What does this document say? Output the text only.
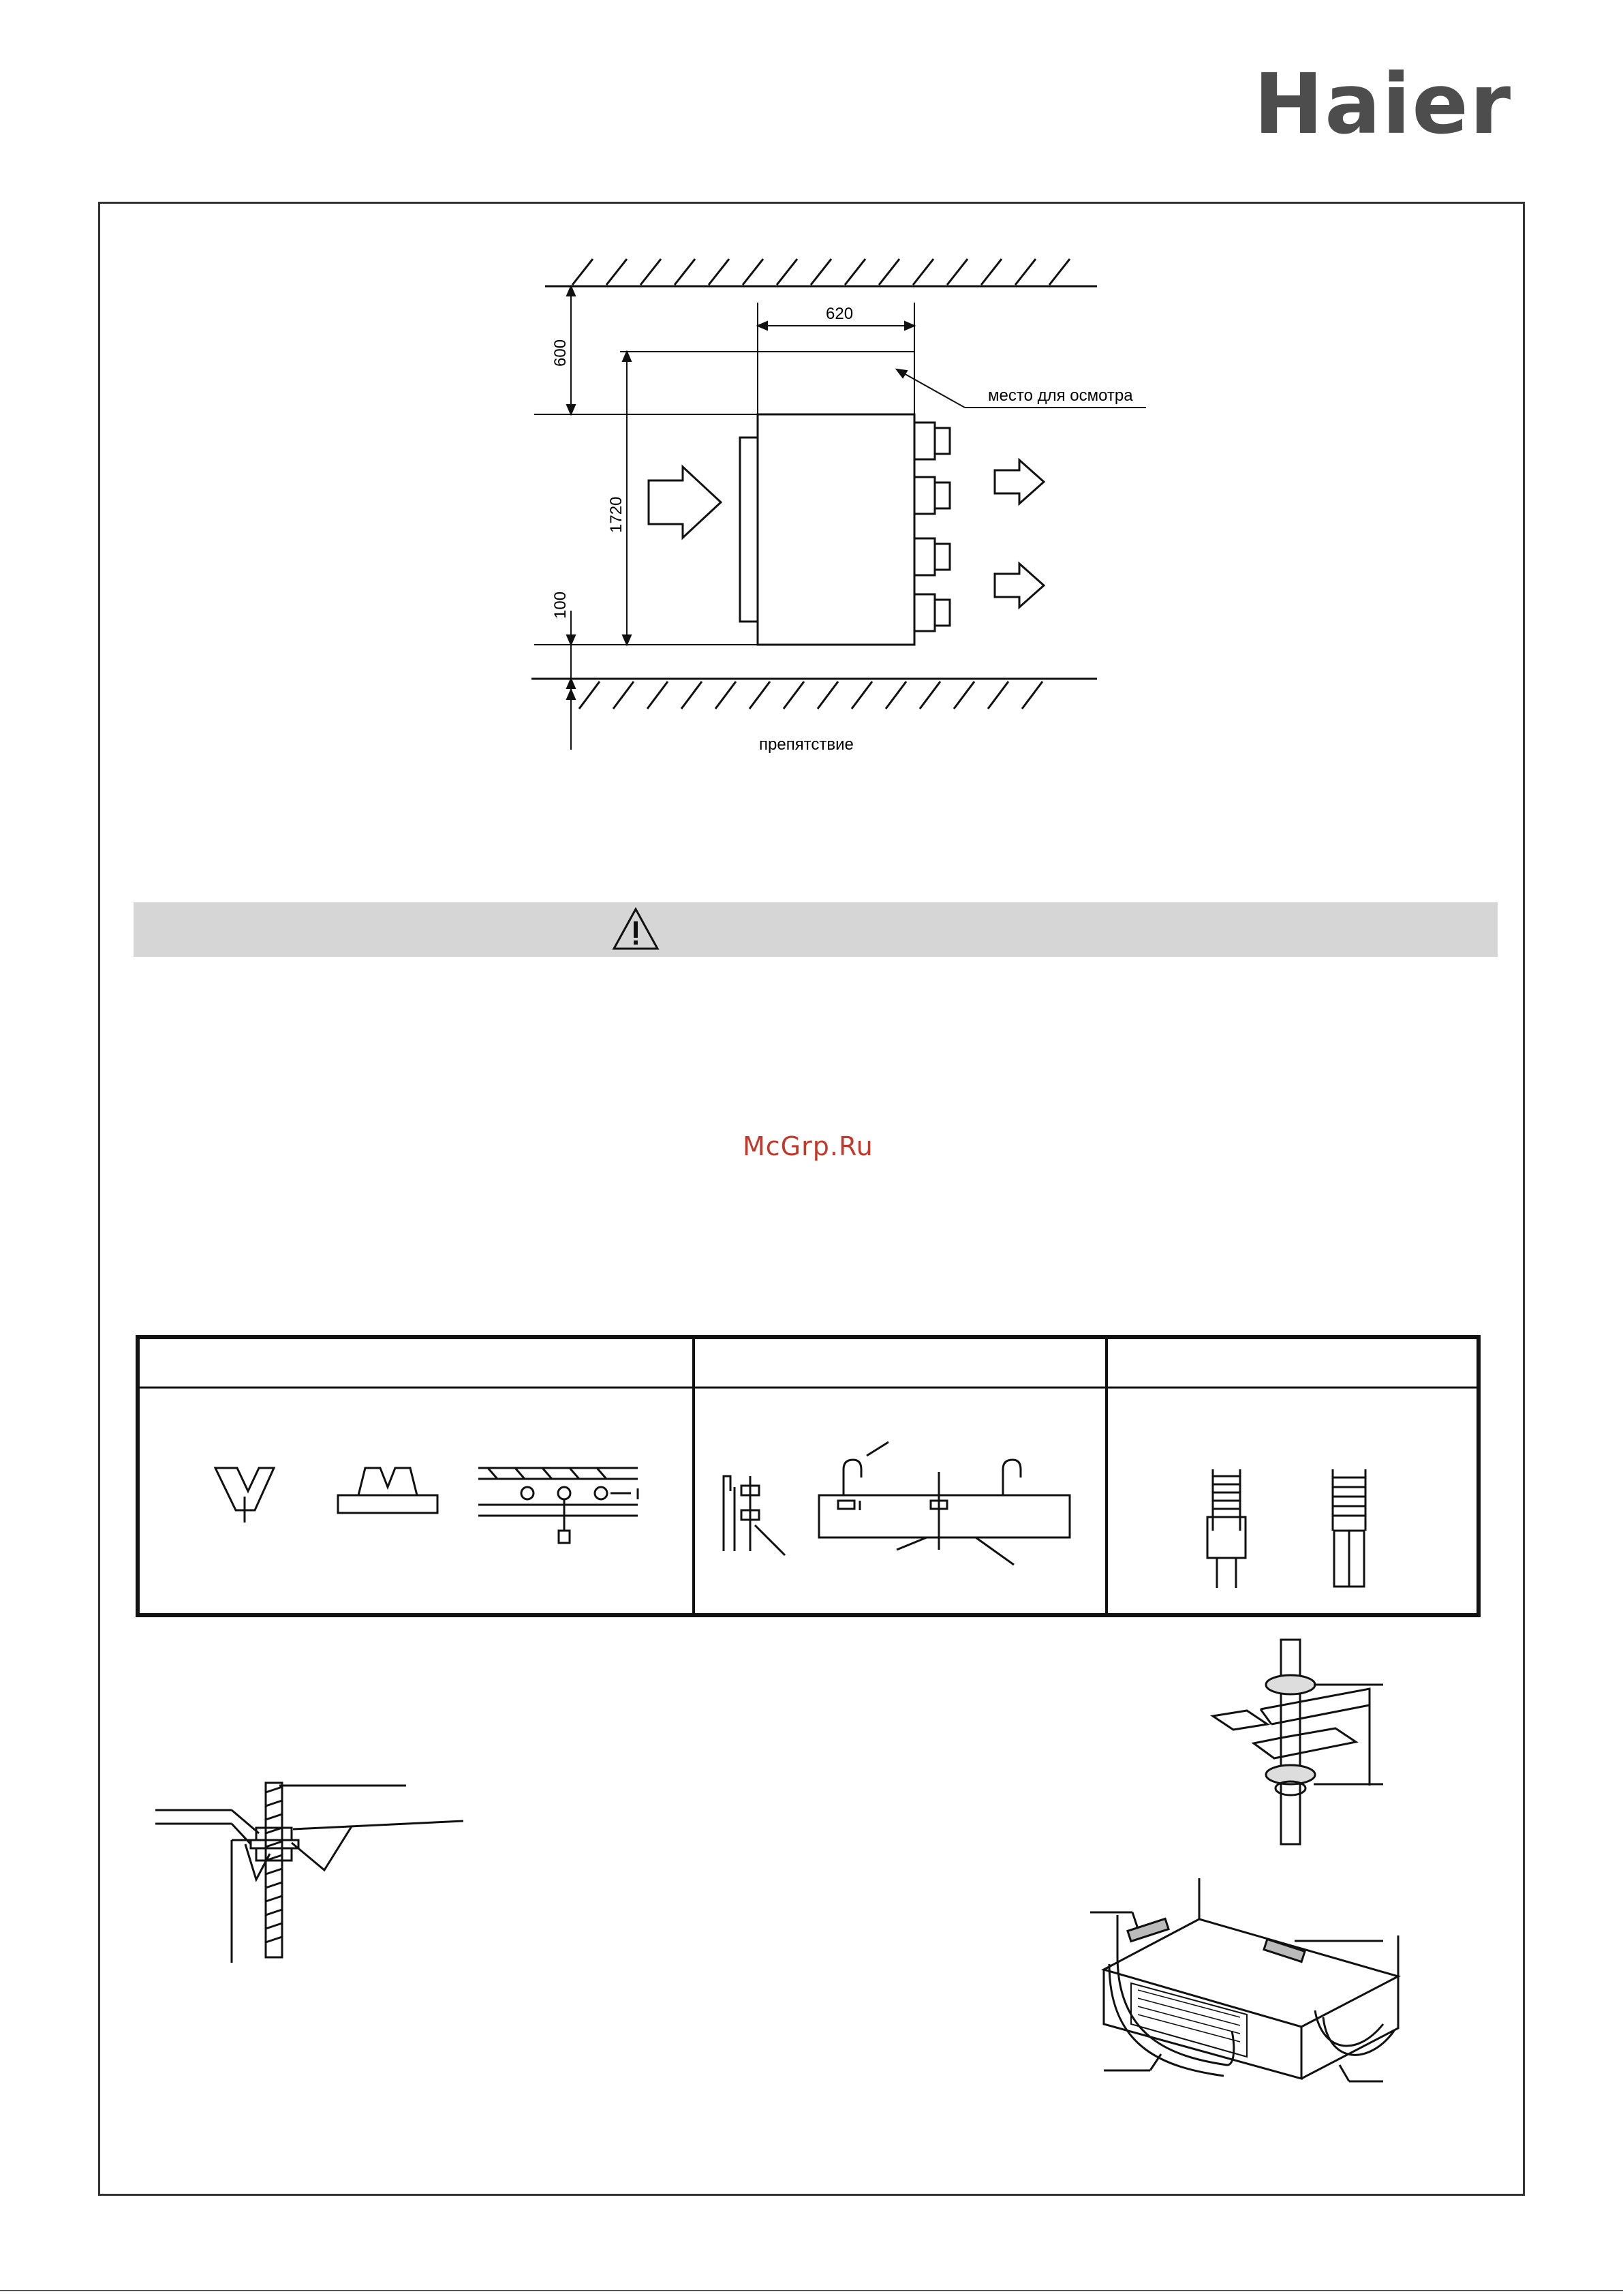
Haier
620
600
1720
100
место для осмотра
препятствие
McGrp.Ru
